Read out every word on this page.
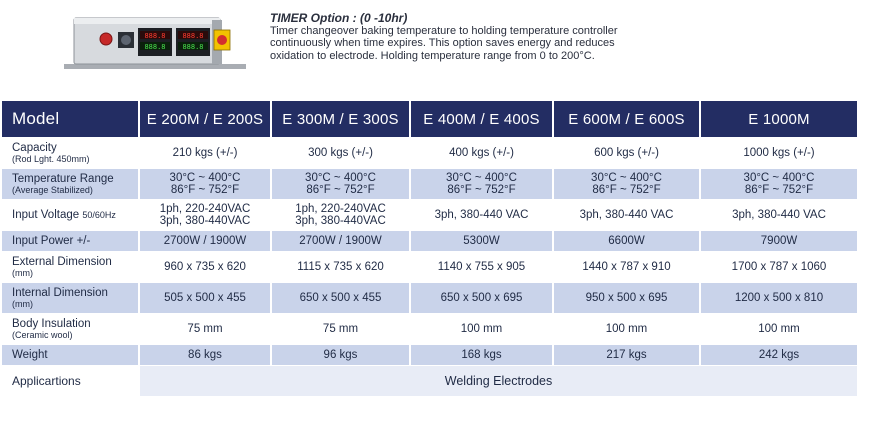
888.8
888.8
888.8
888.8
TIMER Option : (0 -10hr)
Timer changeover baking temperature to holding temperature controller
continuously when time expires. This option saves energy and reduces
oxidation to electrode. Holding temperature range from 0 to 200°C.
Model	E 200M / E 200S	E 300M / E 300S	E 400M / E 400S	E 600M / E 600S	E 1000M
Capacity
(Rod Lght. 450mm)	210 kgs (+/-)	300 kgs (+/-)	400 kgs (+/-)	600 kgs (+/-)	1000 kgs (+/-)

Temperature Range
(Average Stabilized)	30°C ~ 400°C
86°F ~ 752°F	30°C ~ 400°C
86°F ~ 752°F	30°C ~ 400°C
86°F ~ 752°F	30°C ~ 400°C
86°F ~ 752°F	30°C ~ 400°C
86°F ~ 752°F

Input Voltage 50/60Hz	1ph, 220-240VAC
3ph, 380-440VAC	1ph, 220-240VAC
3ph, 380-440VAC	3ph, 380-440 VAC	3ph, 380-440 VAC	3ph, 380-440 VAC

Input Power +/-	2700W / 1900W	2700W / 1900W	5300W	6600W	7900W

External Dimension
(mm)	960 x 735 x 620	1115 x 735 x 620	1140 x 755 x 905	1440 x 787 x 910	1700 x 787 x 1060

Internal Dimension
(mm)	505 x 500 x 455	650 x 500 x 455	650 x 500 x 695	950 x 500 x 695	1200 x 500 x 810

Body Insulation
(Ceramic wool)	75 mm	75 mm	100 mm	100 mm	100 mm

Weight	86 kgs	96 kgs	168 kgs	217 kgs	242 kgs

Applicartions	Welding Electrodes				
